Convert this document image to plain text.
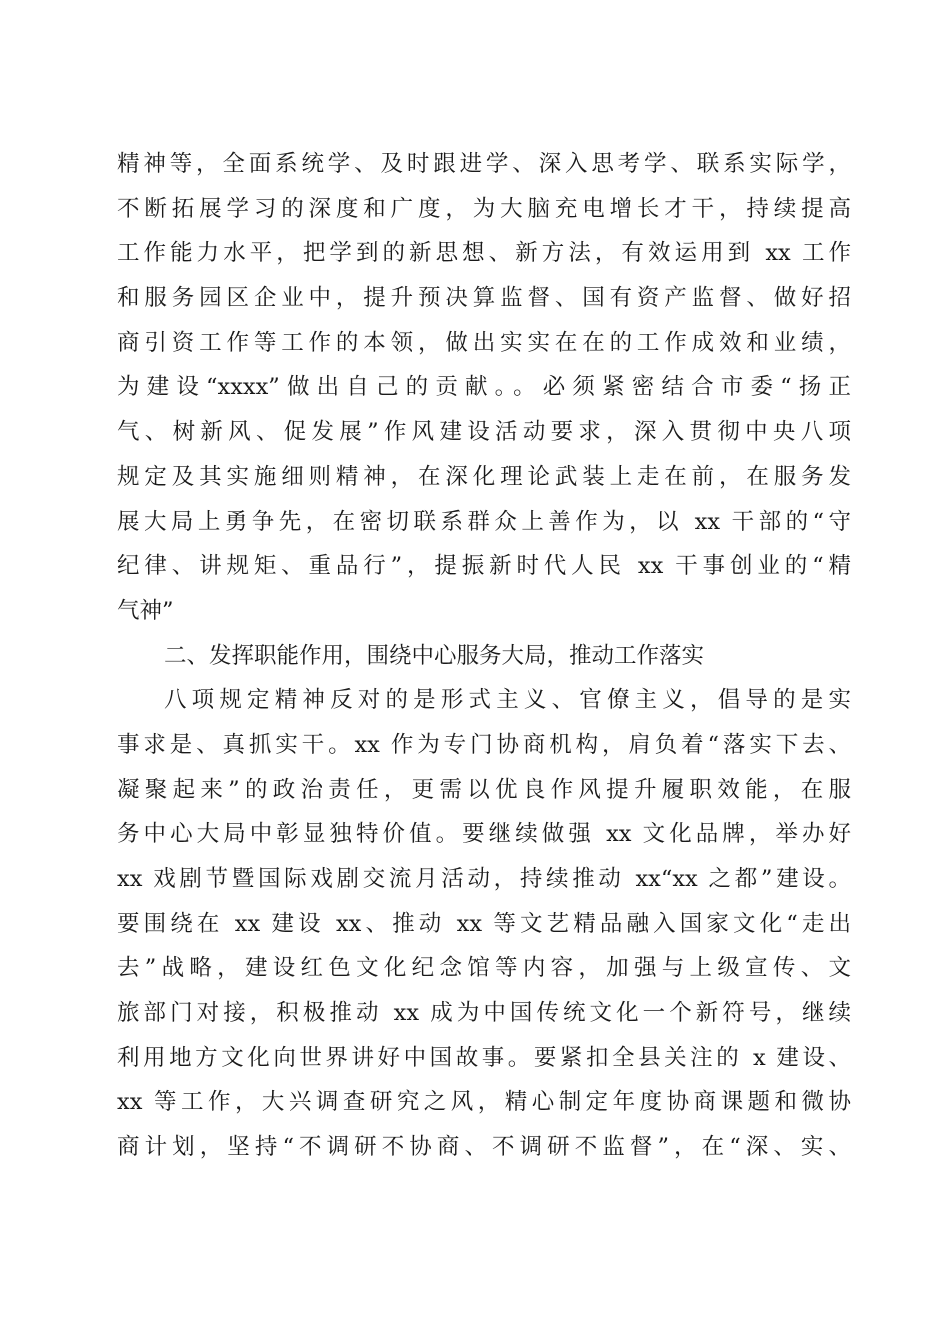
精神等，全面系统学、及时跟进学、深入思考学、联系实际学，
不断拓展学习的深度和广度，为大脑充电增长才干，持续提高
工作能力水平，把学到的新思想、新方法，有效运用到 xx 工作
和服务园区企业中，提升预决算监督、国有资产监督、做好招
商引资工作等工作的本领，做出实实在在的工作成效和业绩，
为建设“xxxx”做出自己的贡献。。必须紧密结合市委“扬正
气、树新风、促发展”作风建设活动要求，深入贯彻中央八项
规定及其实施细则精神，在深化理论武装上走在前，在服务发
展大局上勇争先，在密切联系群众上善作为，以 xx 干部的“守
纪律、讲规矩、重品行”，提振新时代人民 xx 干事创业的“精
气神”
二、发挥职能作用，围绕中心服务大局，推动工作落实
八项规定精神反对的是形式主义、官僚主义，倡导的是实
事求是、真抓实干。xx 作为专门协商机构，肩负着“落实下去、
凝聚起来”的政治责任，更需以优良作风提升履职效能，在服
务中心大局中彰显独特价值。要继续做强 xx 文化品牌，举办好
xx 戏剧节暨国际戏剧交流月活动，持续推动 xx“xx 之都”建设。
要围绕在 xx 建设 xx、推动 xx 等文艺精品融入国家文化“走出
去”战略，建设红色文化纪念馆等内容，加强与上级宣传、文
旅部门对接，积极推动 xx 成为中国传统文化一个新符号，继续
利用地方文化向世界讲好中国故事。要紧扣全县关注的 x 建设、
xx 等工作，大兴调查研究之风，精心制定年度协商课题和微协
商计划，坚持“不调研不协商、不调研不监督”，在“深、实、
